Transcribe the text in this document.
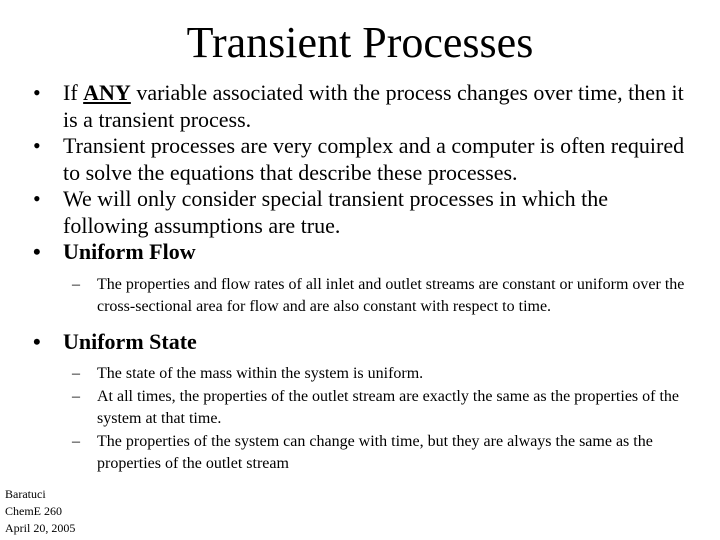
Transient Processes

• If ANY variable associated with the process changes over time, then it is a transient process.

• Transient processes are very complex and a computer is often required to solve the equations that describe these processes.

• We will only consider special transient processes in which the following assumptions are true.

• Uniform Flow

– The properties and flow rates of all inlet and outlet streams are constant or uniform over the cross-sectional area for flow and are also constant with respect to time.

• Uniform State

– The state of the mass within the system is uniform.

– At all times, the properties of the outlet stream are exactly the same as the properties of the system at that time.

– The properties of the system can change with time, but they are always the same as the properties of the outlet stream

Baratuci
ChemE 260
April 20, 2005
